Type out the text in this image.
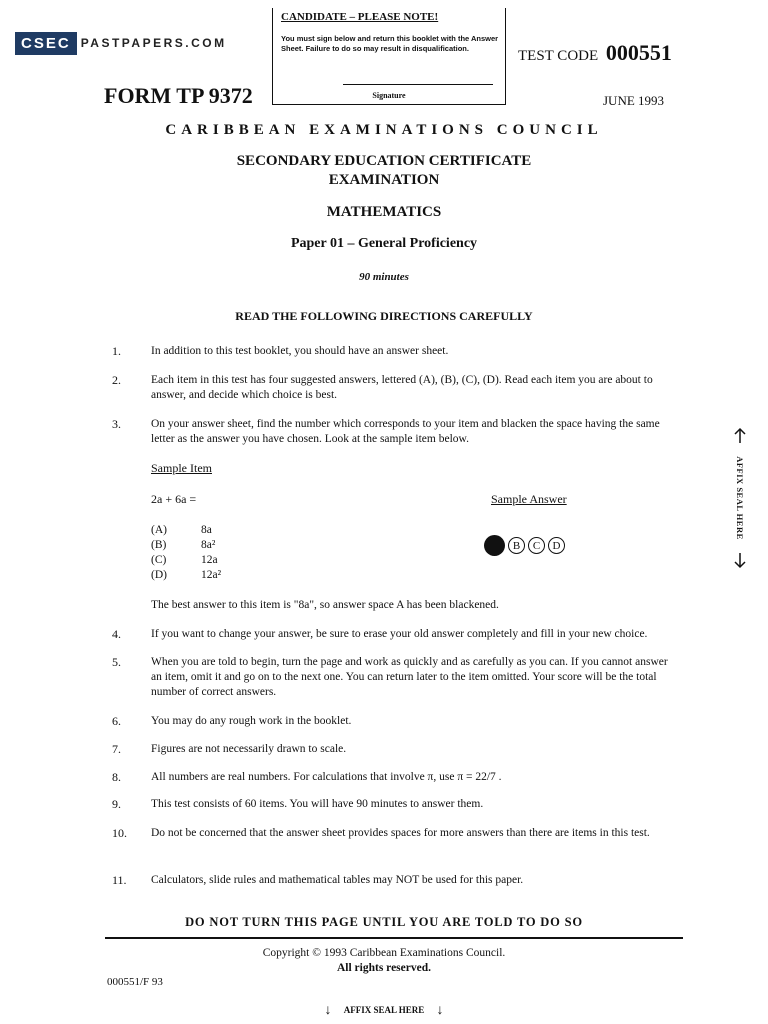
CSEC PASTPAPERS.COM
CANDIDATE – PLEASE NOTE!
You must sign below and return this booklet with the Answer Sheet. Failure to do so may result in disqualification.
Signature
FORM TP 9372
TEST CODE 000551
JUNE 1993
CARIBBEAN EXAMINATIONS COUNCIL
SECONDARY EDUCATION CERTIFICATE
EXAMINATION
MATHEMATICS
Paper 01 – General Proficiency
90 minutes
READ THE FOLLOWING DIRECTIONS CAREFULLY
1.	In addition to this test booklet, you should have an answer sheet.
2.	Each item in this test has four suggested answers, lettered (A), (B), (C), (D). Read each item you are about to answer, and decide which choice is best.
3.	On your answer sheet, find the number which corresponds to your item and blacken the space having the same letter as the answer you have chosen. Look at the sample item below.
Sample Item
2a + 6a =	Sample Answer
(A)	8a
(B)	8a²
(C)	12a
(D)	12a²
B	C	D
The best answer to this item is "8a", so answer space A has been blackened.
4.	If you want to change your answer, be sure to erase your old answer completely and fill in your new choice.
5.	When you are told to begin, turn the page and work as quickly and as carefully as you can. If you cannot answer an item, omit it and go on to the next one. You can return later to the item omitted. Your score will be the total number of correct answers.
6.	You may do any rough work in the booklet.
7.	Figures are not necessarily drawn to scale.
8.	All numbers are real numbers. For calculations that involve π, use π = 22/7 .
9.	This test consists of 60 items. You will have 90 minutes to answer them.
10. Do not be concerned that the answer sheet provides spaces for more answers than there are items in this test.
11. Calculators, slide rules and mathematical tables may NOT be used for this paper.
AFFIX SEAL HERE
DO NOT TURN THIS PAGE UNTIL YOU ARE TOLD TO DO SO
Copyright © 1993 Caribbean Examinations Council.
All rights reserved.
000551/F 93
↓ AFFIX SEAL HERE ↓
